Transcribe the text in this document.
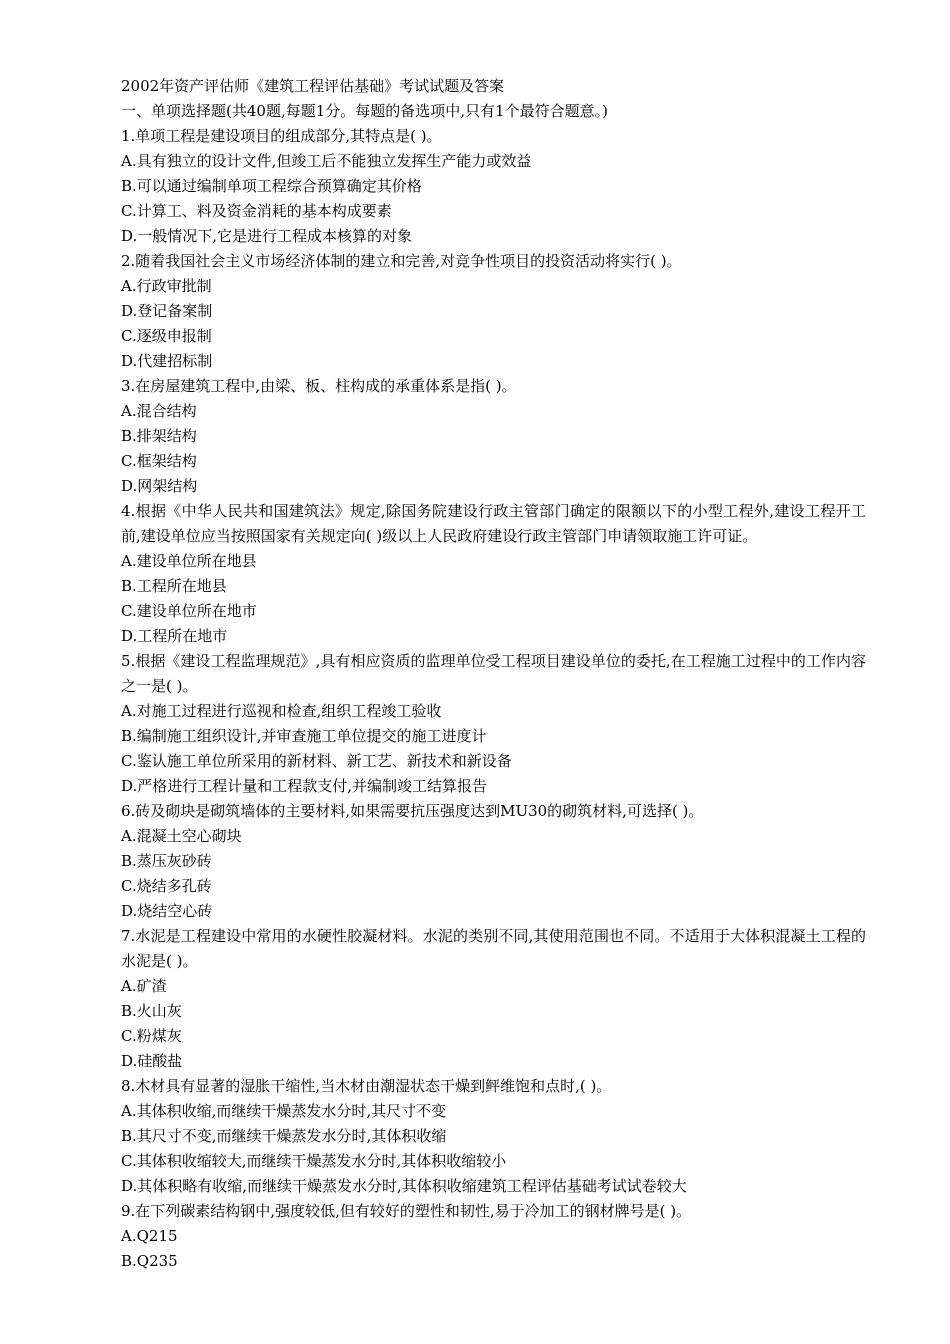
2002年资产评估师《建筑工程评估基础》考试试题及答案
一、单项选择题(共40题,每题1分。每题的备选项中,只有1个最符合题意。)
1.单项工程是建设项目的组成部分,其特点是( )。
A.具有独立的设计文件,但竣工后不能独立发挥生产能力或效益
B.可以通过编制单项工程综合预算确定其价格
C.计算工、料及资金消耗的基本构成要素
D.一般情况下,它是进行工程成本核算的对象
2.随着我国社会主义市场经济体制的建立和完善,对竞争性项目的投资活动将实行( )。
A.行政审批制
D.登记备案制
C.逐级申报制
D.代建招标制
3.在房屋建筑工程中,由梁、板、柱构成的承重体系是指( )。
A.混合结构
B.排架结构
C.框架结构
D.网架结构
4.根据《中华人民共和国建筑法》规定,除国务院建设行政主管部门确定的限额以下的小型工程外,建设工程开工前,建设单位应当按照国家有关规定向( )级以上人民政府建设行政主管部门申请领取施工许可证。
A.建设单位所在地县
B.工程所在地县
C.建设单位所在地市
D.工程所在地市
5.根据《建设工程监理规范》,具有相应资质的监理单位受工程项目建设单位的委托,在工程施工过程中的工作内容之一是( )。
A.对施工过程进行巡视和检查,组织工程竣工验收
B.编制施工组织设计,并审查施工单位提交的施工进度计
C.鉴认施工单位所采用的新材料、新工艺、新技术和新设备
D.严格进行工程计量和工程款支付,并编制竣工结算报告
6.砖及砌块是砌筑墙体的主要材料,如果需要抗压强度达到MU30的砌筑材料,可选择( )。
A.混凝土空心砌块
B.蒸压灰砂砖
C.烧结多孔砖
D.烧结空心砖
7.水泥是工程建设中常用的水硬性胶凝材料。水泥的类别不同,其使用范围也不同。不适用于大体积混凝土工程的水泥是( )。
A.矿渣
B.火山灰
C.粉煤灰
D.硅酸盐
8.木材具有显著的湿胀干缩性,当木材由潮湿状态干燥到鲆维饱和点时,( )。
A.其体积收缩,而继续干燥蒸发水分时,其尺寸不变
B.其尺寸不变,而继续干燥蒸发水分时,其体积收缩
C.其体积收缩较大,而继续干燥蒸发水分时,其体积收缩较小
D.其体积略有收缩,而继续干燥蒸发水分时,其体积收缩建筑工程评估基础考试试卷较大
9.在下列碳素结构钢中,强度较低,但有较好的塑性和韧性,易于冷加工的钢材牌号是( )。
A.Q215
B.Q235
